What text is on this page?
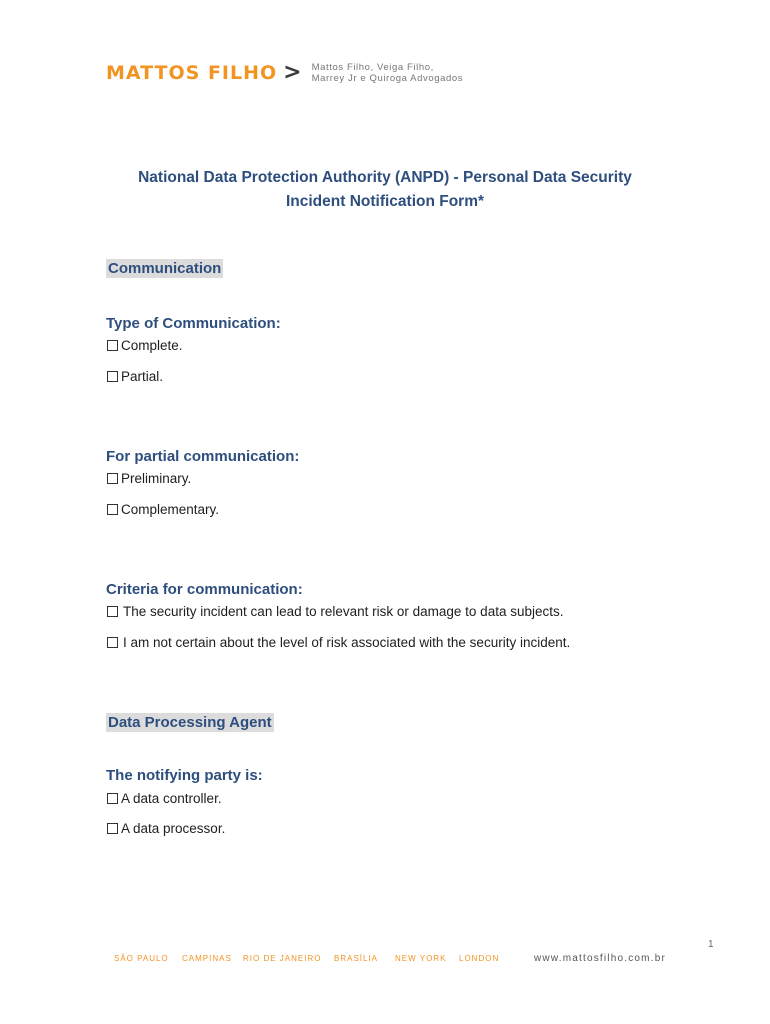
MATTOS FILHO > Mattos Filho, Veiga Filho,
Marrey Jr e Quiroga Advogados
National Data Protection Authority (ANPD) - Personal Data Security
Incident Notification Form*
Communication
Type of Communication:
Complete.
Partial.
For partial communication:
Preliminary.
Complementary.
Criteria for communication:
The security incident can lead to relevant risk or damage to data subjects.
I am not certain about the level of risk associated with the security incident.
Data Processing Agent
The notifying party is:
A data controller.
A data processor.
1
SÃO PAULO CAMPINAS RIO DE JANEIRO BRASÍLIA NEW YORK LONDON	www.mattosfilho.com.br
